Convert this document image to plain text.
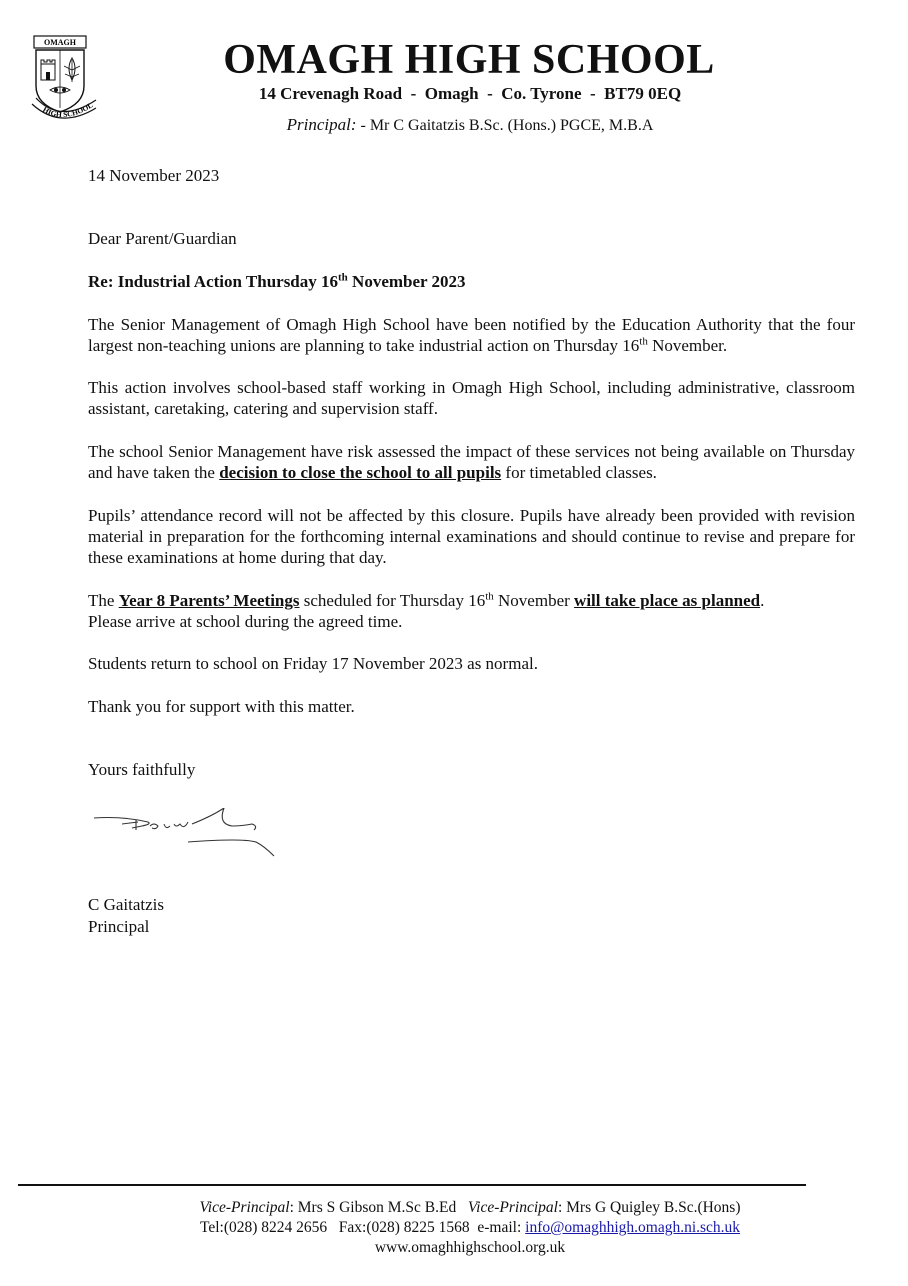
OMAGH
HIGH SCHOOL
OMAGH HIGH SCHOOL
14 Crevenagh Road  -  Omagh  -  Co. Tyrone  -  BT79 0EQ
Principal: - Mr C Gaitatzis B.Sc. (Hons.) PGCE, M.B.A
14 November 2023
Dear Parent/Guardian
Re: Industrial Action Thursday 16th November 2023
The Senior Management of Omagh High School have been notified by the Education Authority that the four largest non-teaching unions are planning to take industrial action on Thursday 16th November.
This action involves school-based staff working in Omagh High School, including administrative, classroom assistant, caretaking, catering and supervision staff.
The school Senior Management have risk assessed the impact of these services not being available on Thursday and have taken the decision to close the school to all pupils for timetabled classes.
Pupils’ attendance record will not be affected by this closure. Pupils have already been provided with revision material in preparation for the forthcoming internal examinations and should continue to revise and prepare for these examinations at home during that day.
The Year 8 Parents’ Meetings scheduled for Thursday 16th November will take place as planned.
Please arrive at school during the agreed time.
Students return to school on Friday 17 November 2023 as normal.
Thank you for support with this matter.
Yours faithfully
C Gaitatzis
Principal
Vice-Principal: Mrs S Gibson M.Sc B.Ed Vice-Principal: Mrs G Quigley B.Sc.(Hons)
Tel:(028) 8224 2656   Fax:(028) 8225 1568  e-mail: info@omaghhigh.omagh.ni.sch.uk
www.omaghhighschool.org.uk
